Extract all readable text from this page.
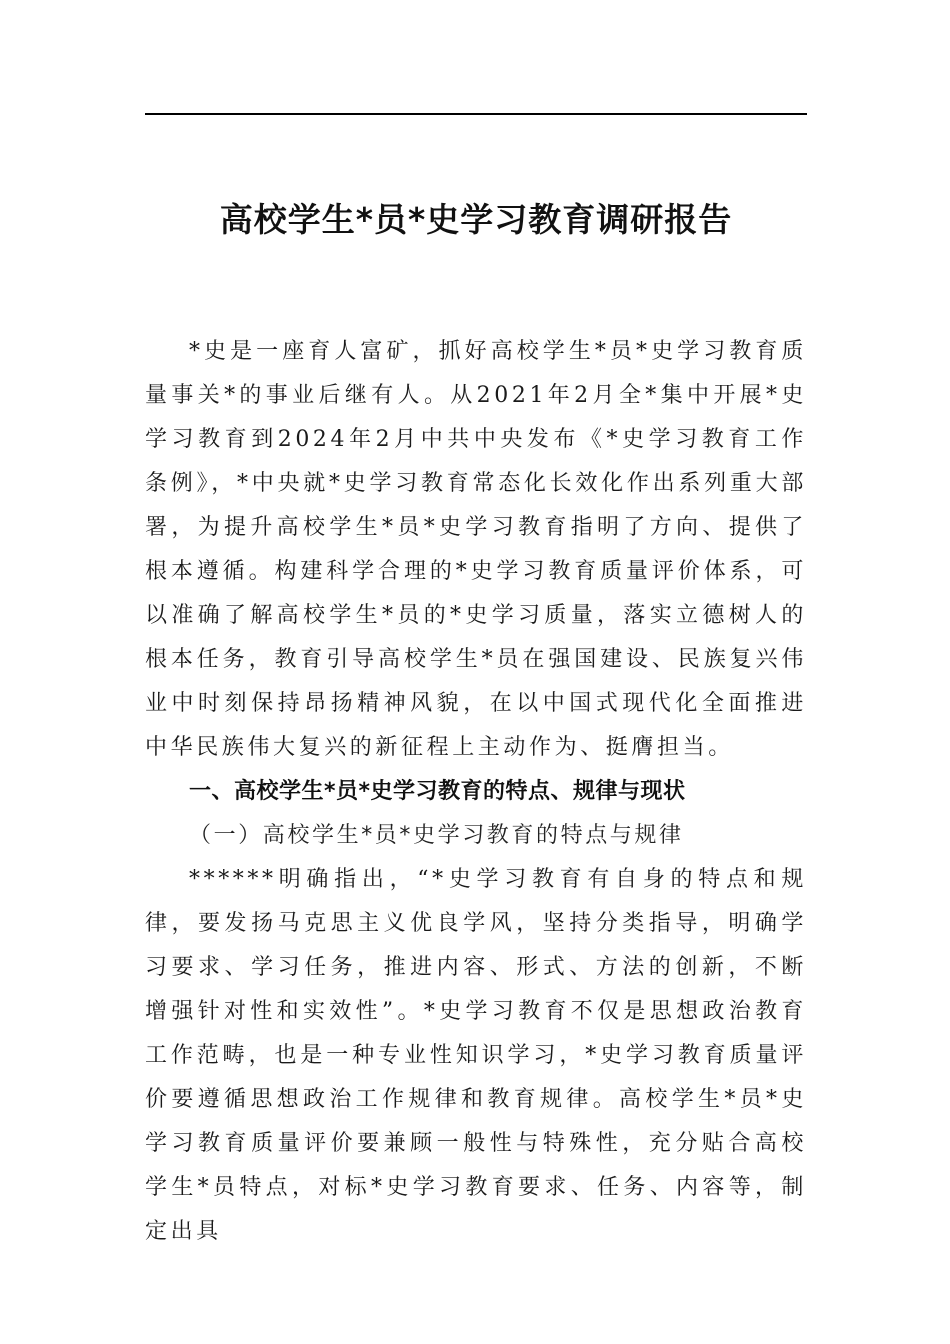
高校学生*员*史学习教育调研报告

*史是一座育人富矿，抓好高校学生*员*史学习教育质量事关*的事业后继有人。从2021年2月全*集中开展*史学习教育到2024年2月中共中央发布《*史学习教育工作条例》，*中央就*史学习教育常态化长效化作出系列重大部署，为提升高校学生*员*史学习教育指明了方向、提供了根本遵循。构建科学合理的*史学习教育质量评价体系，可以准确了解高校学生*员的*史学习质量，落实立德树人的根本任务，教育引导高校学生*员在强国建设、民族复兴伟业中时刻保持昂扬精神风貌，在以中国式现代化全面推进中华民族伟大复兴的新征程上主动作为、挺膺担当。

一、高校学生*员*史学习教育的特点、规律与现状

（一）高校学生*员*史学习教育的特点与规律

******明确指出，“*史学习教育有自身的特点和规律，要发扬马克思主义优良学风，坚持分类指导，明确学习要求、学习任务，推进内容、形式、方法的创新，不断增强针对性和实效性”。*史学习教育不仅是思想政治教育工作范畴，也是一种专业性知识学习，*史学习教育质量评价要遵循思想政治工作规律和教育规律。高校学生*员*史学习教育质量评价要兼顾一般性与特殊性，充分贴合高校学生*员特点，对标*史学习教育要求、任务、内容等，制定出具
